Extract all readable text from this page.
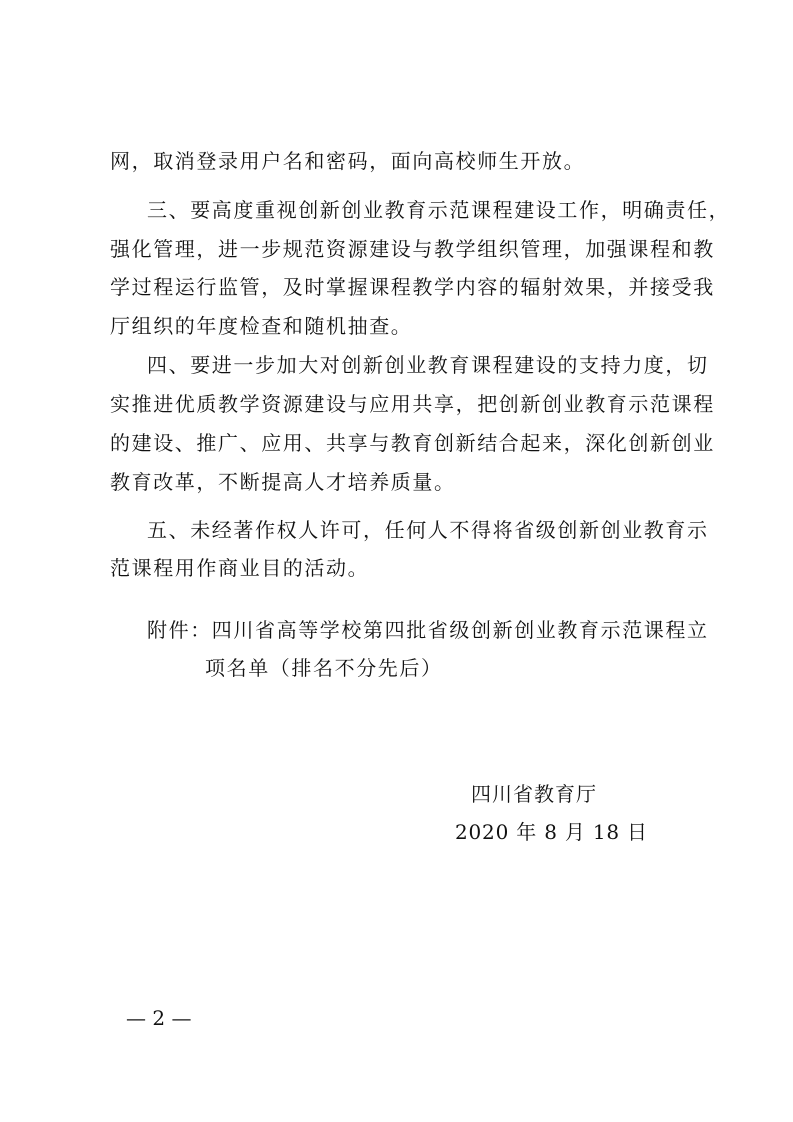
网，取消登录用户名和密码，面向高校师生开放。
三、要高度重视创新创业教育示范课程建设工作，明确责任，
强化管理，进一步规范资源建设与教学组织管理，加强课程和教
学过程运行监管，及时掌握课程教学内容的辐射效果，并接受我
厅组织的年度检查和随机抽查。
四、要进一步加大对创新创业教育课程建设的支持力度，切
实推进优质教学资源建设与应用共享，把创新创业教育示范课程
的建设、推广、应用、共享与教育创新结合起来，深化创新创业
教育改革，不断提高人才培养质量。
五、未经著作权人许可，任何人不得将省级创新创业教育示
范课程用作商业目的活动。
附件：四川省高等学校第四批省级创新创业教育示范课程立
项名单（排名不分先后）
四川省教育厅
2020 年 8 月 18 日
— 2 —
